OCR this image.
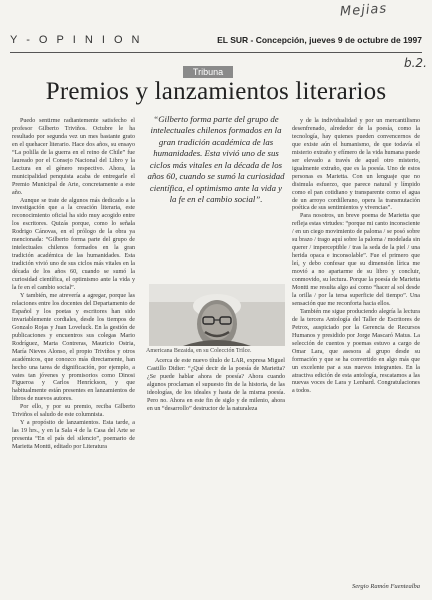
Mejias
b.2.
Y - O P I N I O N	EL SUR - Concepción, jueves 9 de octubre de 1997
Tribuna
Premios y lanzamientos literarios

Puedo sentirme radiantemente satisfecho el profesor Gilberto Triviños. Octubre le ha resultado por segunda vez un mes bastante grato en el quehacer literario. Hace dos años, su ensayo “La polilla de la guerra en el reino de Chile” fue laureado por el Consejo Nacional del Libro y la Lectura en el género respectivo. Ahora, la municipalidad penquista acaba de entregarle el Premio Municipal de Arte, concretamente a este año.

Aunque se trate de algunos más dedicado a la investigación que a la creación literaria, este reconocimiento oficial ha sido muy acogido entre los escritores. Quizás porque, como lo señala Rodrigo Cánovas, en el prólogo de la obra ya mencionada: “Gilberto forma parte del grupo de intelectuales chilenos formados en la gran tradición académica de las humanidades. Esta tradición vivió uno de sus ciclos más vitales en la década de los años 60, cuando se sumó la curiosidad científica, el optimismo ante la vida y la fe en el cambio social”.

Y también, me atrevería a agregar, porque las relaciones entre los docentes del Departamento de Español y los poetas y escritores han sido invariablemente cordiales, desde los tiempos de Gonzalo Rojas y Juan Loveluck. En la gestión de publicaciones y encuentros sus colegas Mario Rodríguez, Marta Contreras, Mauricio Ostria, María Nieves Alonso, el propio Triviños y otros académicos, que conozco más directamente, han hecho una tarea de dignificación, por ejemplo, a vates tan jóvenes y promisorios como Dinosi Figueroa y Carlos Henríckson, y que habitualmente están presentes en lanzamientos de libros de nuevos autores.

Por ello, y por su premio, reciba Gilberto Triviños el saludo de este columnista.

Y a propósito de lanzamientos. Esta tarde, a las 19 hrs., y en la Sala 4 de la Casa del Arte se presenta “En el país del silencio”, poemario de Marietta Montti, editado por Literatura

“Gilberto forma parte del grupo de intelectuales chilenos formados en la gran tradición académica de las humanidades. Esta vivió uno de sus ciclos más vitales en la década de los años 60, cuando se sumó la curiosidad científica, el optimismo ante la vida y la fe en el cambio social”.
Americana Bezaida, en su Colección Trilce.

Acerca de este nuevo título de LAR, expresa Miguel Castillo Didier: “¿Qué decir de la poesía de Marietta? ¿Se puede hablar ahora de poesía? Ahora cuando algunos proclaman el supuesto fin de la historia, de las ideologías, de los ideales y hasta de la misma poesía. Pero no. Ahora en este fin de siglo y de milenio, ahora en un “desarrollo” destructor de la naturaleza

y de la individualidad y por un mercantilismo desenfrenado, alrededor de la poesía, como la tecnología, hay quienes pueden convencernos de que existe aún el humanismo, de que todavía el misterio extraño y efímero de la vida humana puede ser elevado a través de aquel otro misterio, igualmente extraño, que es la poesía. Uno de estos personas es Marietta. Con un lenguaje que no disimula esfuerzo, que parece natural y límpido como el pan cotidiano y transparente como el agua de un arroyo cordillerano, opera la transmutación poética de sus sentimientos y vivencias”.

Para nosotros, un breve poema de Marietta que refleja estas virtudes: “porque mi canto inconsciente / en un ciego movimiento de paloma / se posó sobre su brazo / trago aquí sobre la paloma / modelada sin querer / imperceptible / tras la seda de la piel / una herida opaca e inconsolable”. Fue el primero que leí, y debo confesar que su dimensión lírica me movió a no apartarme de su libro y concluir, conmovido, su lectura. Porque la poesía de Marietta Montti me resulta algo así como “hacer al sol desde la orilla / por la tersa superficie del tiempo”. Una sensación que me reconforta hacia ellos.

También me sigue produciendo alegría la lectura de la tercera Antología del Taller de Escritores de Petrox, auspiciado por la Gerencia de Recursos Humanos y presidido por Jorge Mascaró Matus. La selección de cuentos y poemas estuvo a cargo de Omar Lara, que asesora al grupo desde su formación y que se ha convertido en algo más que un excelente par a sus nuevos integrantes. En la atractiva edición de esta antología, rescatamos a las nuevas voces de Lara y Lenhard. Congratulaciones a todos.

Sergio Ramón Fuentealba
